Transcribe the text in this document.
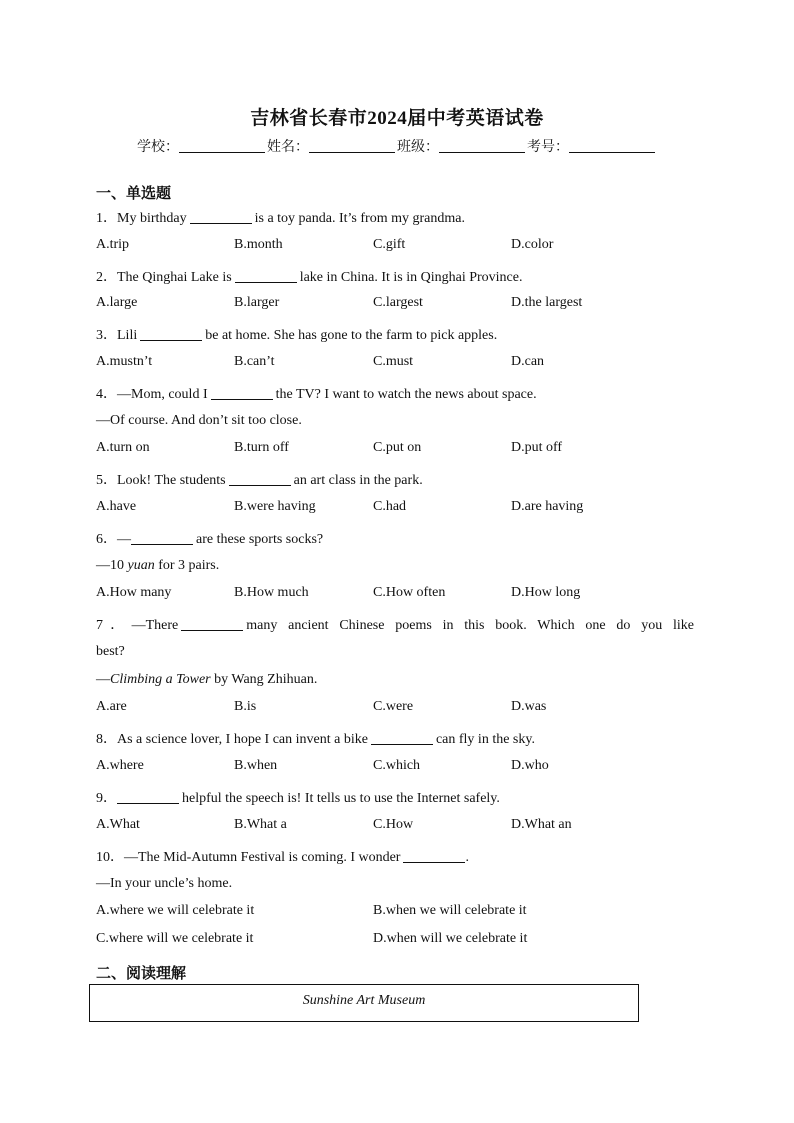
吉林省长春市2024届中考英语试卷
学校：	姓名：	班级：	考号：
一、单选题
1．My birthday	is a toy panda. It’s from my grandma.
A.trip	B.month	C.gift	D.color
2．The Qinghai Lake is	lake in China. It is in Qinghai Province.
A.large	B.larger	C.largest	D.the largest
3．Lili	be at home. She has gone to the farm to pick apples.
A.mustn’t	B.can’t	C.must	D.can
4．—Mom, could I	the TV? I want to watch the news about space.
—Of course. And don’t sit too close.
A.turn on	B.turn off	C.put on	D.put off
5．Look! The students	an art class in the park.
A.have	B.were having	C.had	D.are having
6．—	are these sports socks?
—10 yuan for 3 pairs.
A.How many	B.How much	C.How often	D.How long
7．—There	many ancient Chinese poems in this book. Which one do you like
best?
—Climbing a Tower by Wang Zhihuan.
A.are	B.is	C.were	D.was
8．As a science lover, I hope I can invent a bike	can fly in the sky.
A.where	B.when	C.which	D.who
9．	helpful the speech is! It tells us to use the Internet safely.
A.What	B.What a	C.How	D.What an
10．—The Mid-Autumn Festival is coming. I wonder	.
—In your uncle’s home.
A.where we will celebrate it	B.when we will celebrate it
C.where will we celebrate it	D.when will we celebrate it
二、阅读理解
Sunshine Art Museum
